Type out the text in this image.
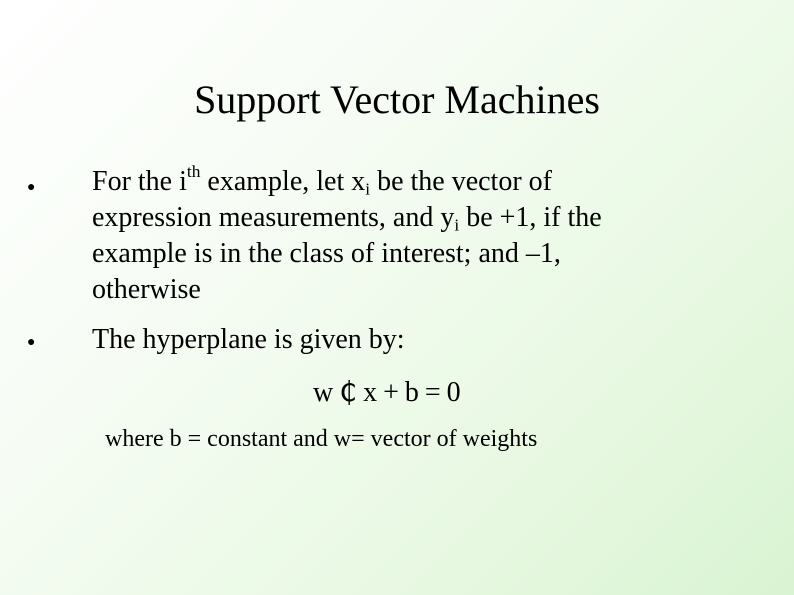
Support Vector Machines
● For the $i^{th}$ example, let $x_i$ be the vector of
expression measurements, and $y_i$ be +1, if the
example is in the class of interest; and –1,
otherwise
● The hyperplane is given by:
w ₵ x + b = 0
where b = constant and w= vector of weights
